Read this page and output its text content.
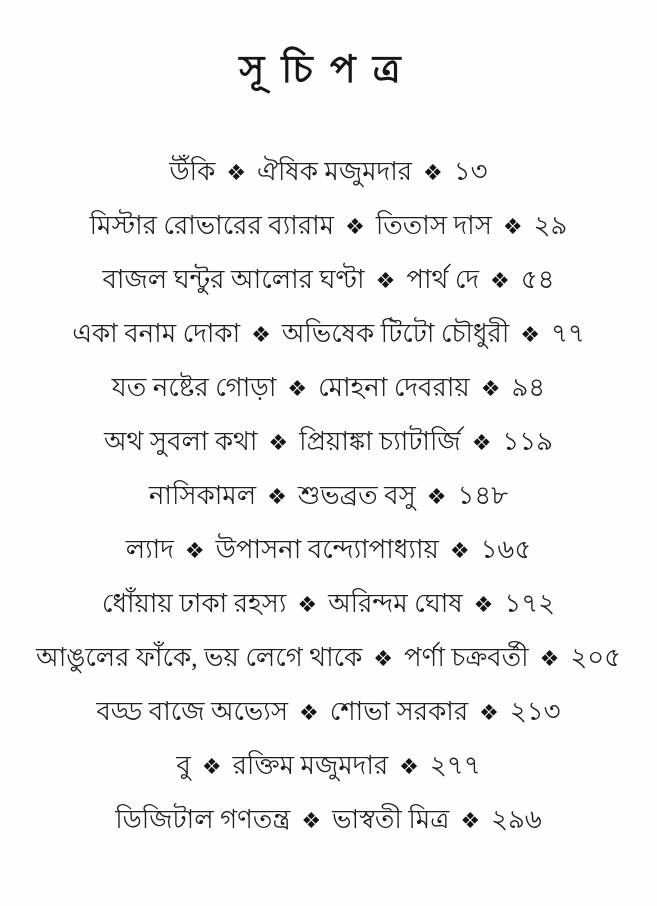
সূচিপত্র
উঁকি ❖ ঐষিক মজুমদার ❖ ১৩
মিস্টার রোভারের ব্যারাম ❖ তিতাস দাস ❖ ২৯
বাজল ঘন্টুর আলোর ঘণ্টা ❖ পার্থ দে ❖ ৫৪
একা বনাম দোকা ❖ অভিষেক টিটো চৌধুরী ❖ ৭৭
যত নষ্টের গোড়া ❖ মোহনা দেবরায় ❖ ৯৪
অথ সুবলা কথা ❖ প্রিয়াঙ্কা চ্যাটার্জি ❖ ১১৯
নাসিকামল ❖ শুভব্রত বসু ❖ ১৪৮
ল্যাদ ❖ উপাসনা বন্দ্যোপাধ্যায় ❖ ১৬৫
ধোঁয়ায় ঢাকা রহস্য ❖ অরিন্দম ঘোষ ❖ ১৭২
আঙুলের ফাঁকে, ভয় লেগে থাকে ❖ পর্ণা চক্রবর্তী ❖ ২০৫
বড্ড বাজে অভ্যেস ❖ শোভা সরকার ❖ ২১৩
বু ❖ রক্তিম মজুমদার ❖ ২৭৭
ডিজিটাল গণতন্ত্র ❖ ভাস্বতী মিত্র ❖ ২৯৬
